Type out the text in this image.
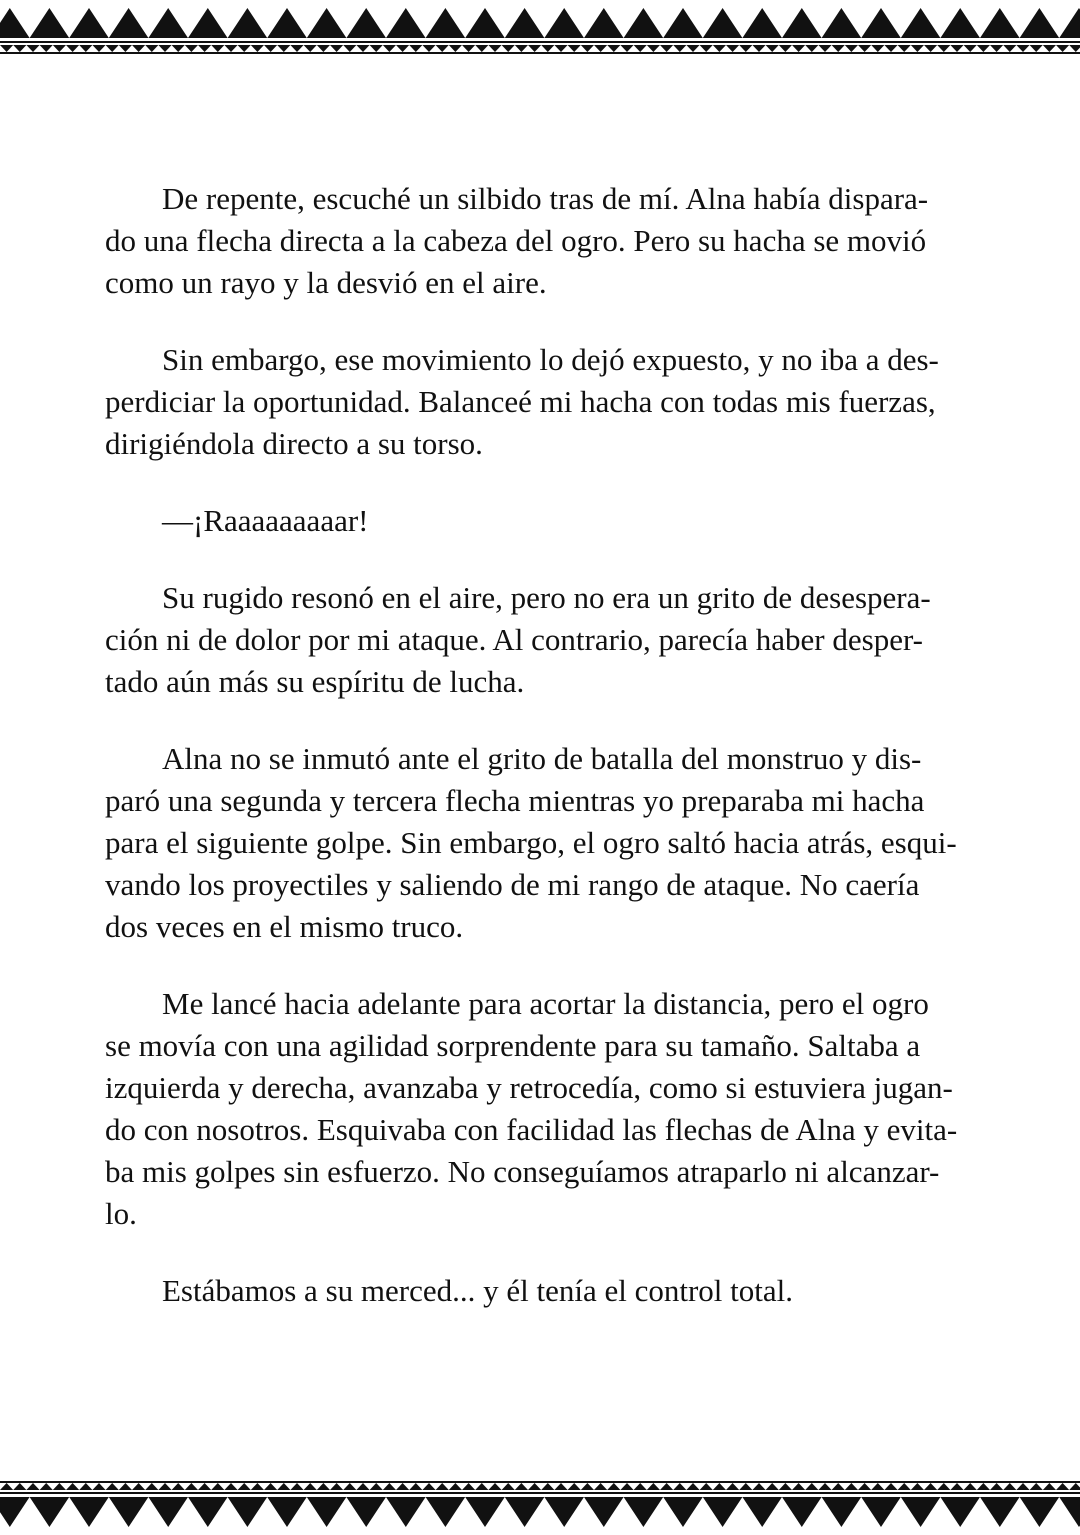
De repente, escuché un silbido tras de mí. Alna había dispara-
do una flecha directa a la cabeza del ogro. Pero su hacha se movió
como un rayo y la desvió en el aire.

Sin embargo, ese movimiento lo dejó expuesto, y no iba a des-
perdiciar la oportunidad. Balanceé mi hacha con todas mis fuerzas,
dirigiéndola directo a su torso.

—¡Raaaaaaaaar!

Su rugido resonó en el aire, pero no era un grito de desespera-
ción ni de dolor por mi ataque. Al contrario, parecía haber desper-
tado aún más su espíritu de lucha.

Alna no se inmutó ante el grito de batalla del monstruo y dis-
paró una segunda y tercera flecha mientras yo preparaba mi hacha
para el siguiente golpe. Sin embargo, el ogro saltó hacia atrás, esqui-
vando los proyectiles y saliendo de mi rango de ataque. No caería
dos veces en el mismo truco.

Me lancé hacia adelante para acortar la distancia, pero el ogro
se movía con una agilidad sorprendente para su tamaño. Saltaba a
izquierda y derecha, avanzaba y retrocedía, como si estuviera jugan-
do con nosotros. Esquivaba con facilidad las flechas de Alna y evita-
ba mis golpes sin esfuerzo. No conseguíamos atraparlo ni alcanzar-
lo.

Estábamos a su merced... y él tenía el control total.
